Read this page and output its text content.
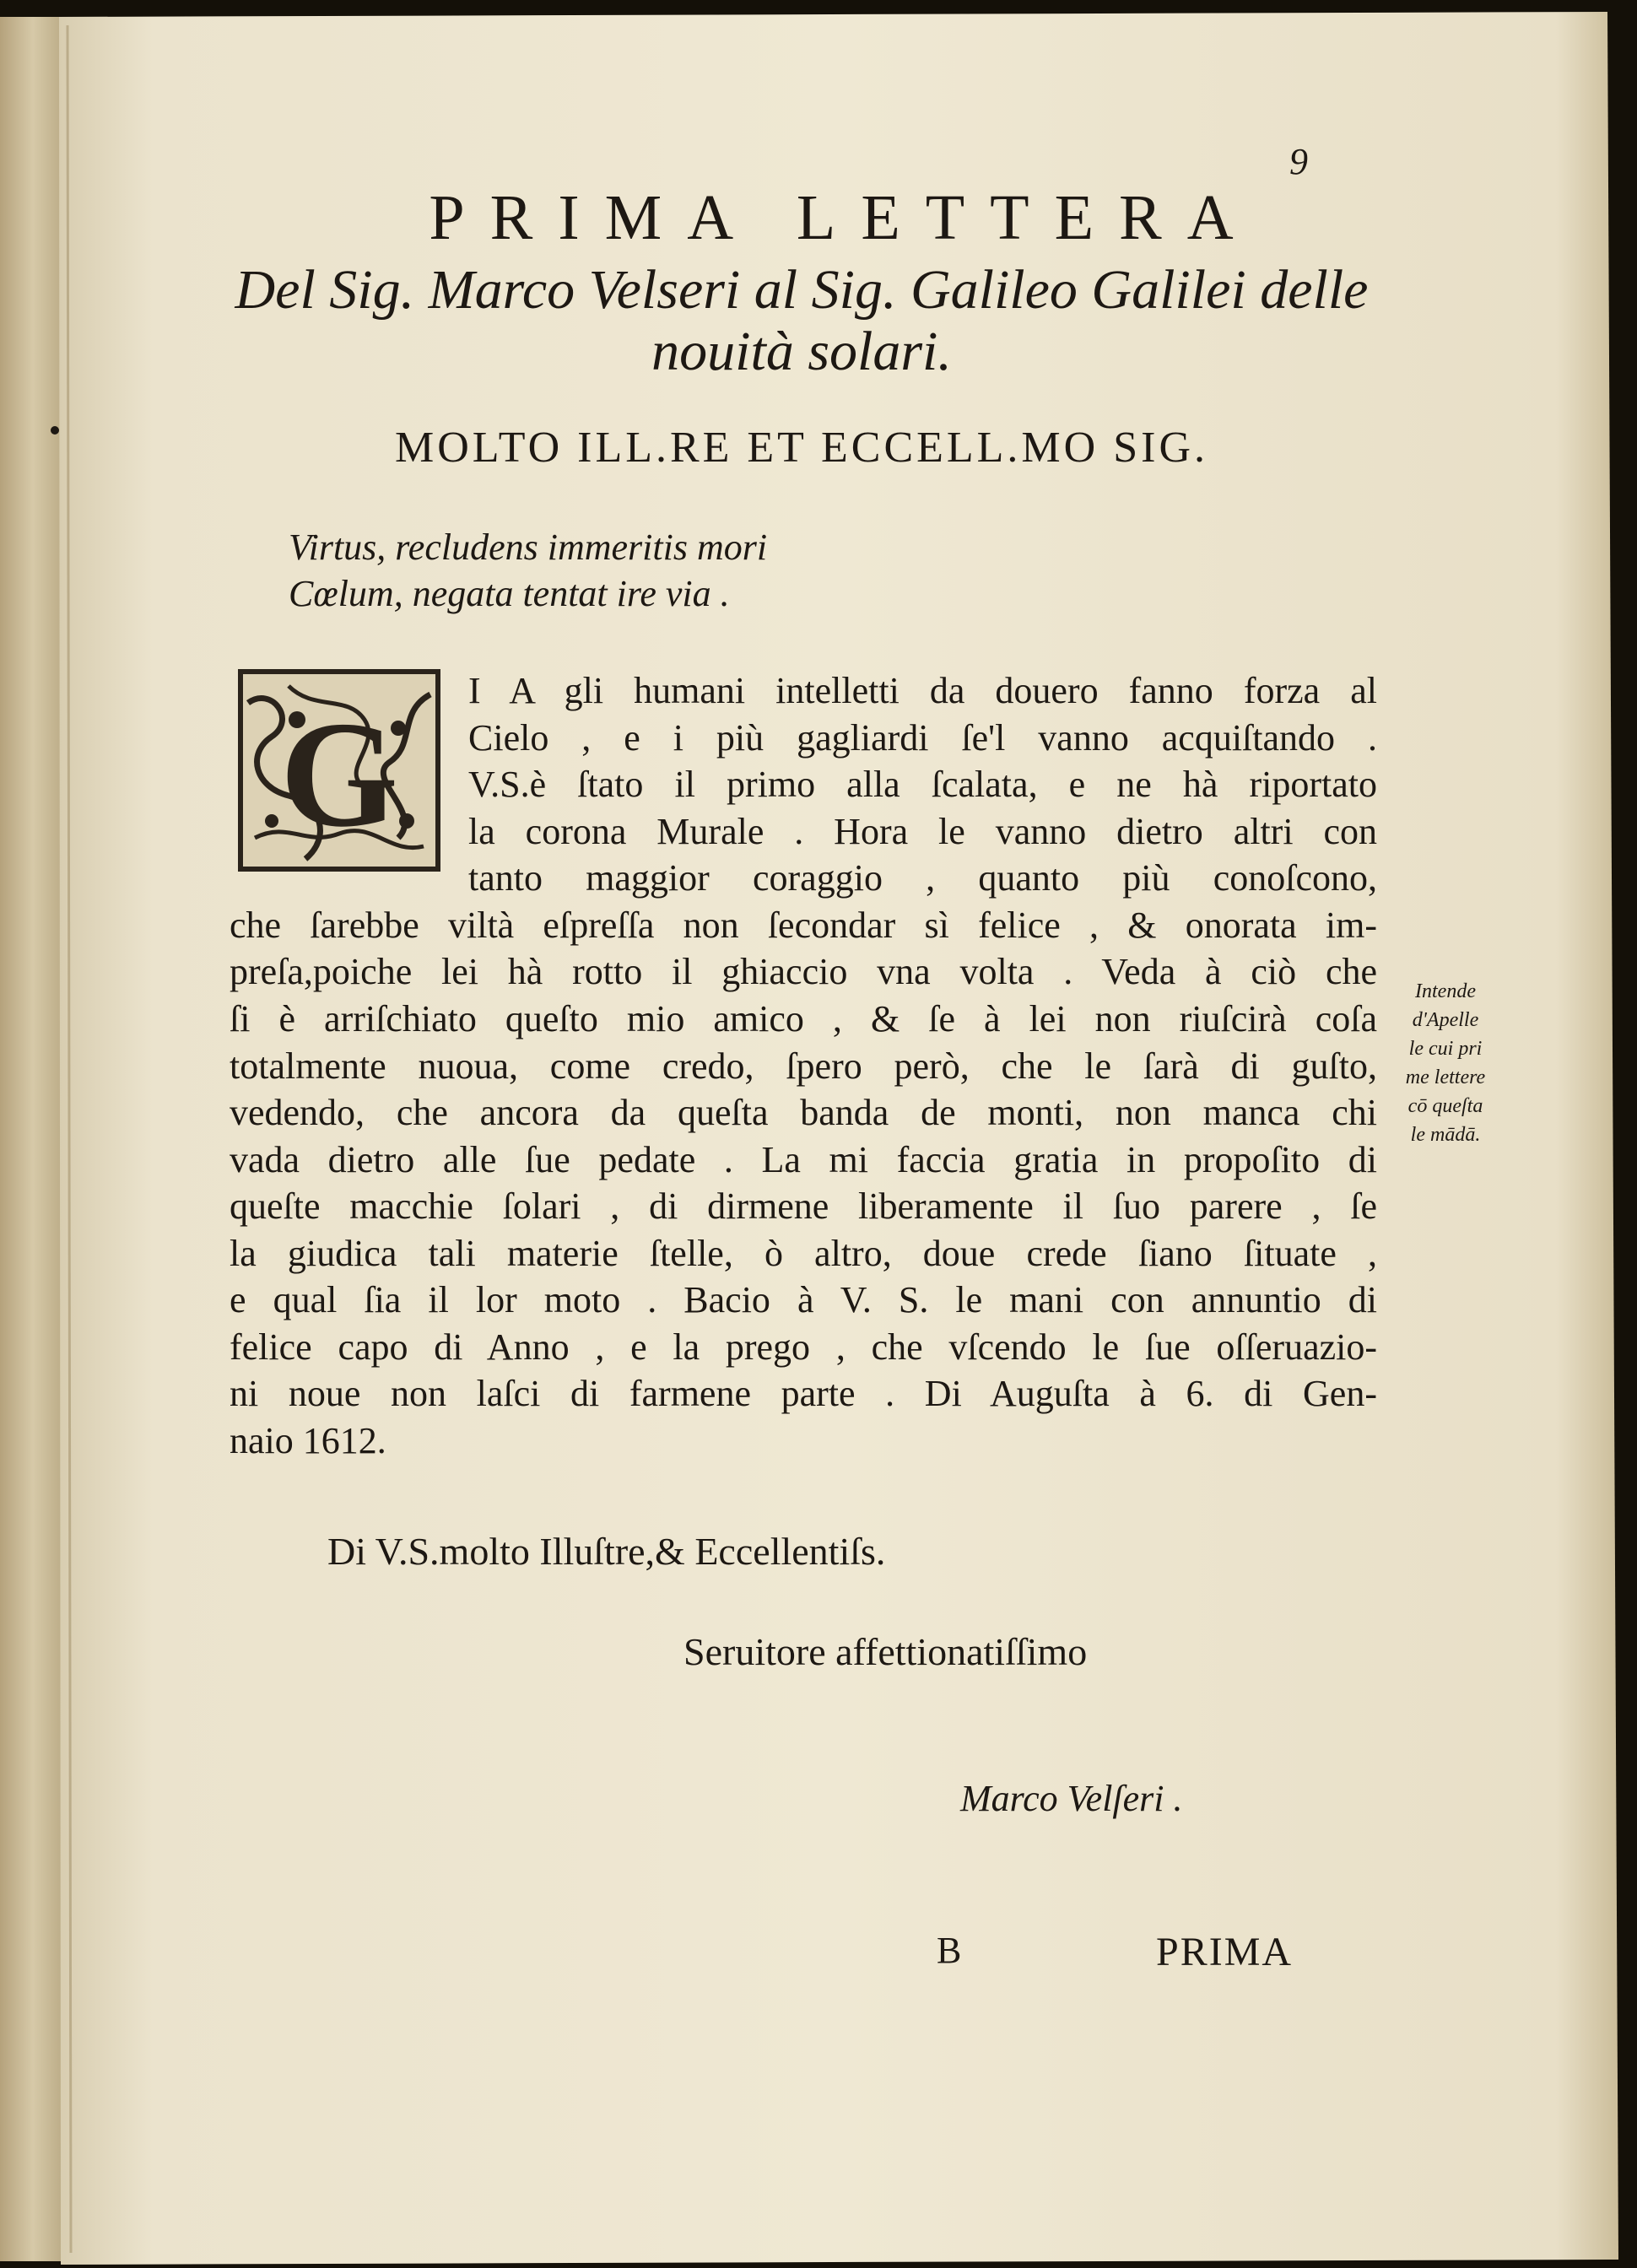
9
PRIMA LETTERA
Del Sig. Marco Velseri al Sig. Galileo Galilei delle nouità solari.
MOLTO ILL.RE ET ECCELL.MO SIG.
Virtus, recludens immeritis mori
Cœlum, negata tentat ire via .
G I A gli humani intelletti da douero fanno forza al
Cielo , e i più gagliardi ſe'l vanno acquiſtando .
V.S.è ſtato il primo alla ſcalata, e ne hà riportato
la corona Murale . Hora le vanno dietro altri con
tanto maggior coraggio , quanto più conoſcono,
che ſarebbe viltà eſpreſſa non ſecondar sì felice , & onorata im-
preſa,poiche lei hà rotto il ghiaccio vna volta . Veda à ciò che
ſi è arriſchiato queſto mio amico , & ſe à lei non riuſcirà coſa
totalmente nuoua, come credo, ſpero però, che le ſarà di guſto,
vedendo, che ancora da queſta banda de monti, non manca chi
vada dietro alle ſue pedate . La mi faccia gratia in propoſito di
queſte macchie ſolari , di dirmene liberamente il ſuo parere , ſe
la giudica tali materie ſtelle, ò altro, doue crede ſiano ſituate ,
e qual ſia il lor moto . Bacio à V. S. le mani con annuntio di
felice capo di Anno , e la prego , che vſcendo le ſue oſſeruazio-
ni noue non laſci di farmene parte . Di Auguſta à 6. di Gen-
naio 1612.
Intende
d'Apelle
le cui pri
me lettere
cō queſta
le mādā.
Di V.S.molto Illuſtre,& Eccellentiſs.
Seruitore affettionatiſſimo
Marco Velſeri .
B	PRIMA
